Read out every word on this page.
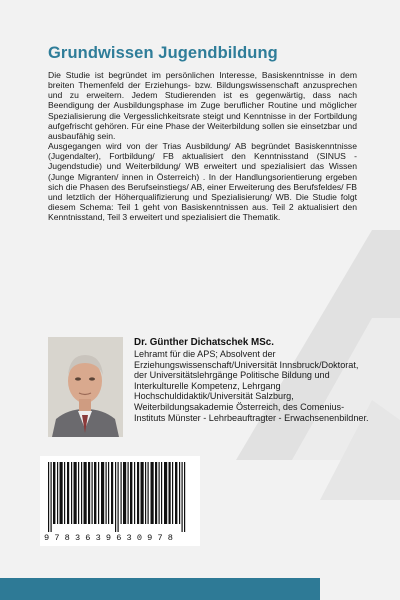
Grundwissen Jugendbildung

Die Studie ist begründet im persönlichen Interesse, Basiskenntnisse in dem breiten Themenfeld der Erziehungs- bzw. Bildungswissenschaft anzusprechen und zu erweitern. Jedem Studierenden ist es gegenwärtig, dass nach Beendigung der Ausbildungsphase im Zuge beruflicher Routine und möglicher Spezialisierung die Vergesslichkeitsrate steigt und Kenntnisse in der Fortbildung aufgefrischt gehören. Für eine Phase der Weiterbildung sollen sie einsetzbar und ausbaufähig sein.

Ausgegangen wird von der Trias Ausbildung/ AB begründet Basiskenntnisse (Jugendalter), Fortbildung/ FB aktualisiert den Kenntnisstand (SINUS - Jugendstudie) und Weiterbildung/ WB erweitert und spezialisiert das Wissen (Junge Migranten/ innen in Österreich) . In der Handlungsorientierung ergeben sich die Phasen des Berufseinstiegs/ AB, einer Erweiterung des Berufsfeldes/ FB und letztlich der Höherqualifizierung und Spezialisierung/ WB. Die Studie folgt diesem Schema: Teil 1 geht von Basiskenntnissen aus. Teil 2 aktualisiert den Kenntnisstand, Teil 3 erweitert und spezialisiert die Thematik.

Dr. Günther Dichatschek MSc.

Lehramt für die APS; Absolvent der Erziehungswissenschaft/Universität Innsbruck/Doktorat, der Universitätslehrgänge Politische Bildung und Interkulturelle Kompetenz, Lehrgang Hochschuldidaktik/Universität Salzburg, Weiterbildungsakademie Österreich, des Comenius-Instituts Münster - Lehrbeauftragter - Erwachsenenbildner.

9 7 8 3 6 3 9 6 3 0 9 7 8
